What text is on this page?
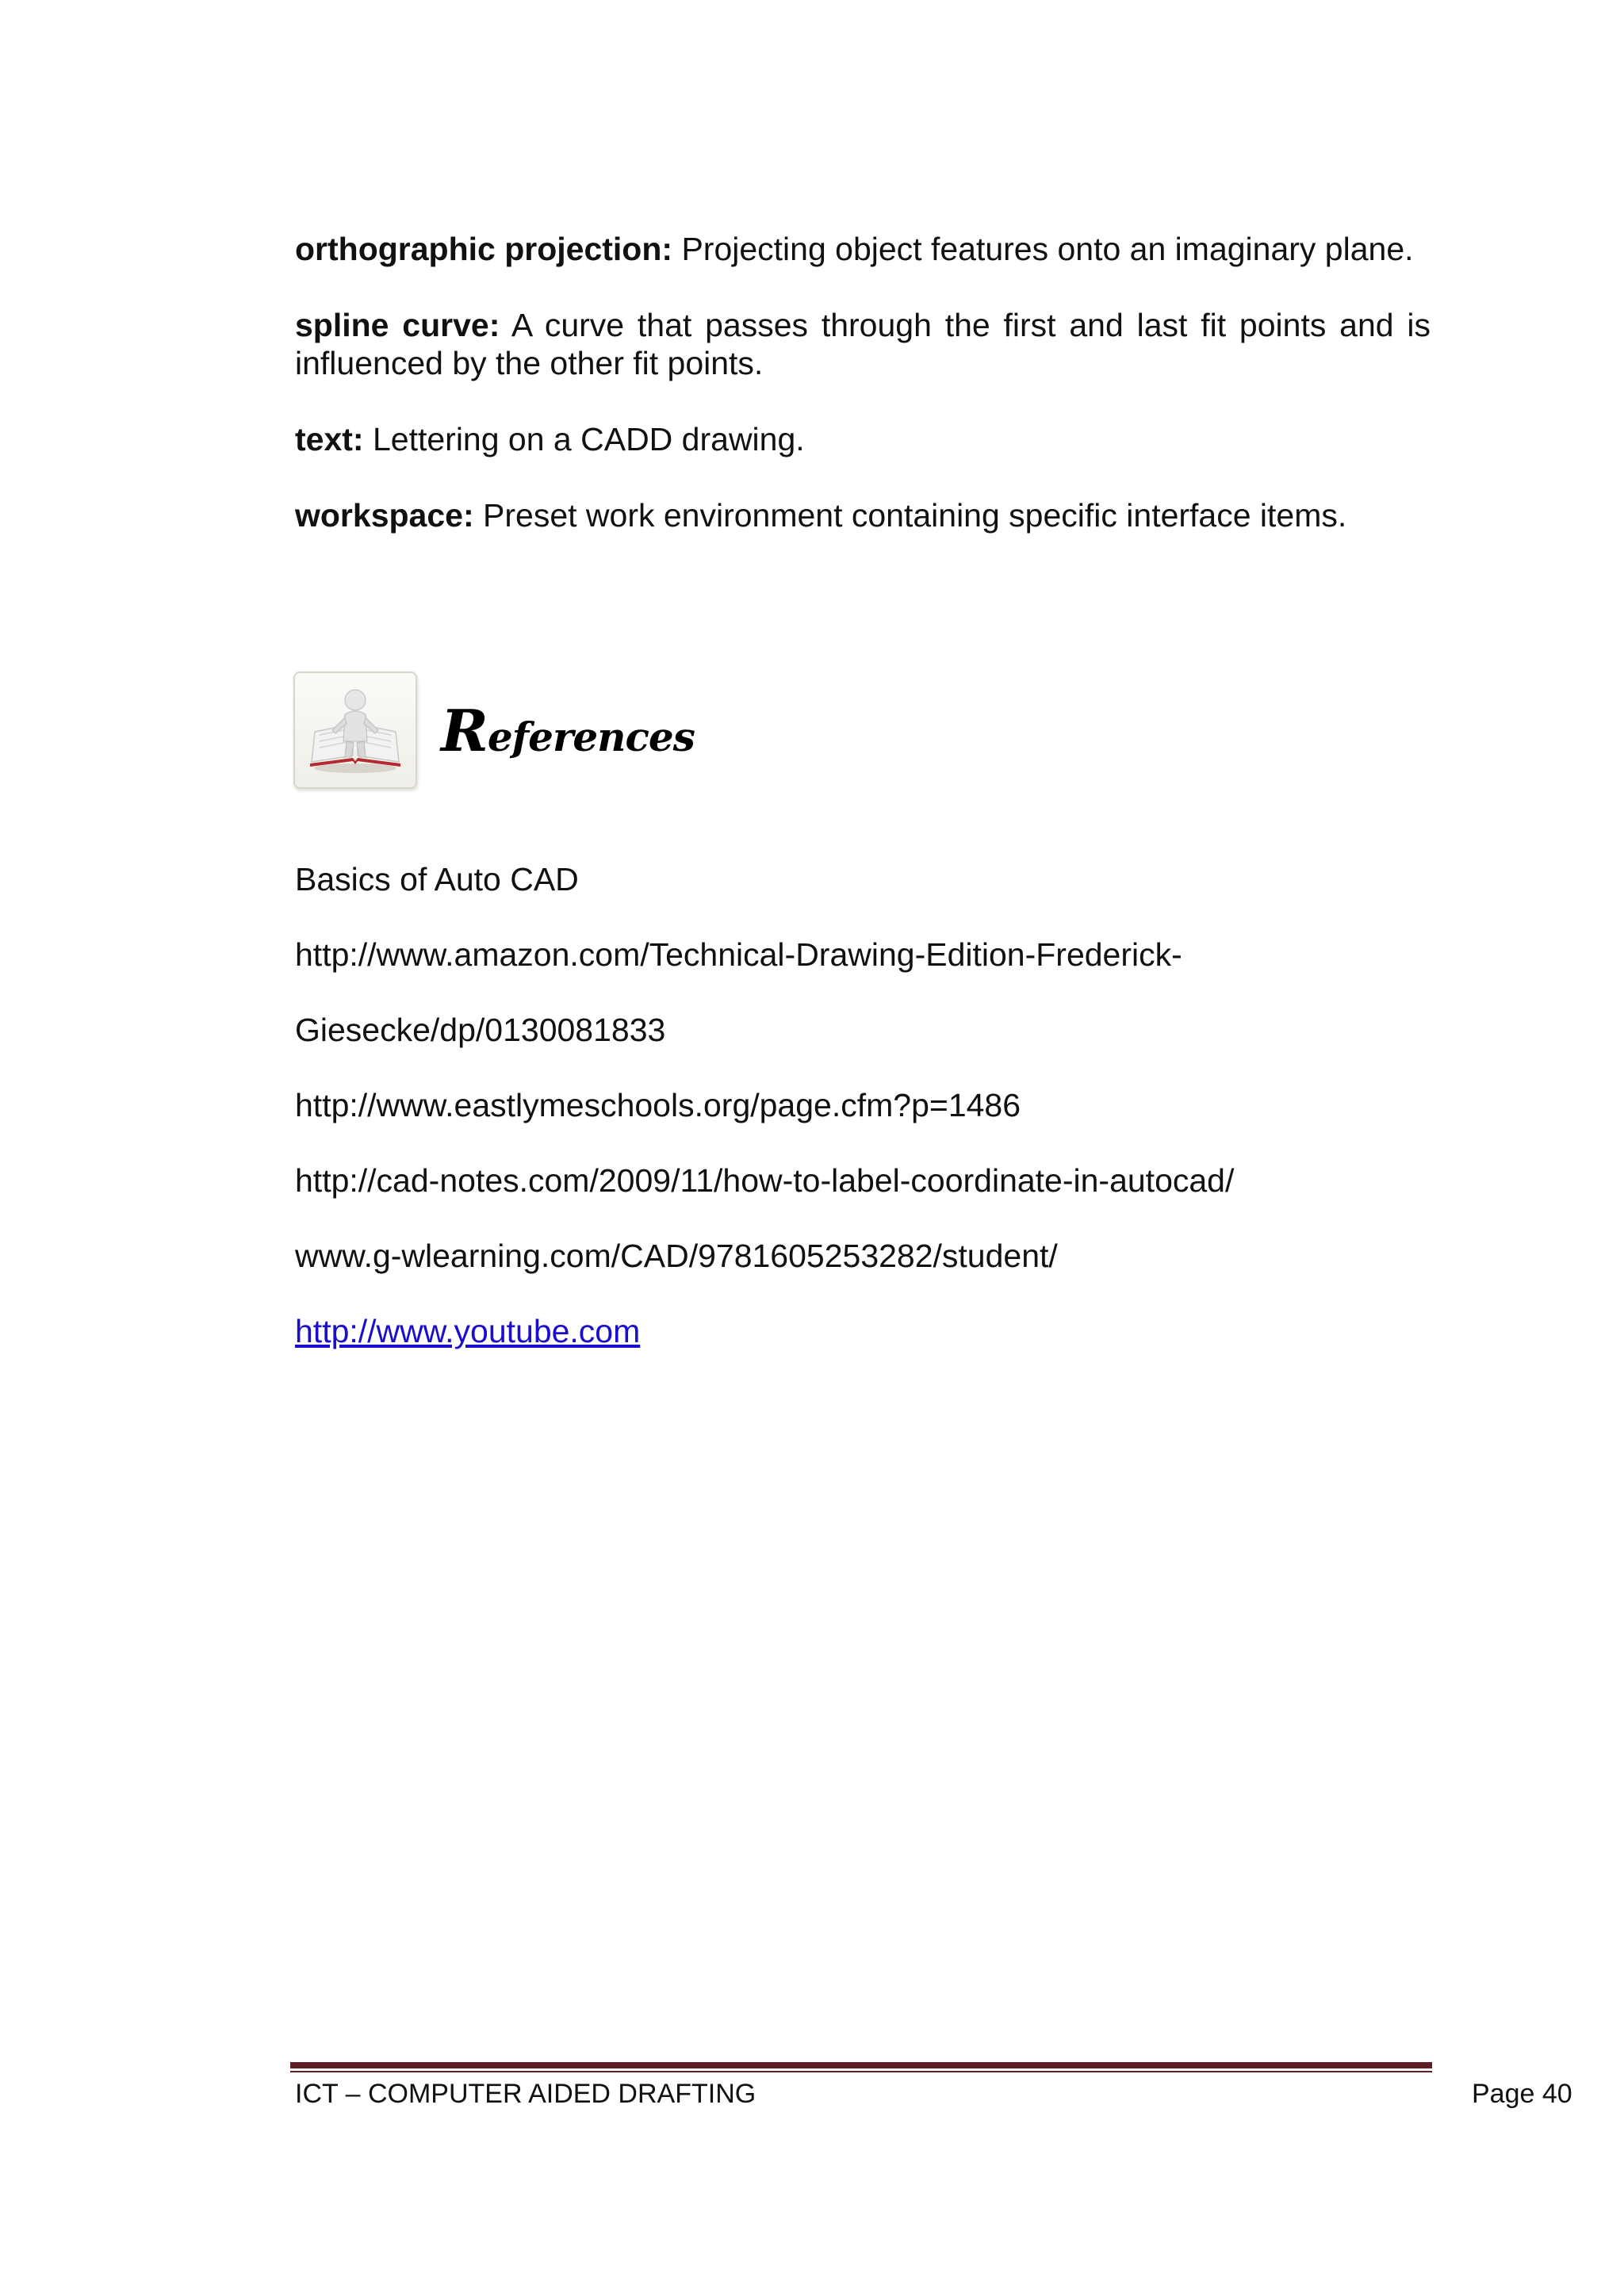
orthographic projection: Projecting object features onto an imaginary plane.

spline curve: A curve that passes through the first and last fit points and is influenced by the other fit points.

text: Lettering on a CADD drawing.

workspace: Preset work environment containing specific interface items.

References
Basics of Auto CAD
http://www.amazon.com/Technical-Drawing-Edition-Frederick-
Giesecke/dp/0130081833
http://www.eastlymeschools.org/page.cfm?p=1486
http://cad-notes.com/2009/11/how-to-label-coordinate-in-autocad/
www.g-wlearning.com/CAD/9781605253282/student/
http://www.youtube.com
ICT – COMPUTER AIDED DRAFTING	Page 40
